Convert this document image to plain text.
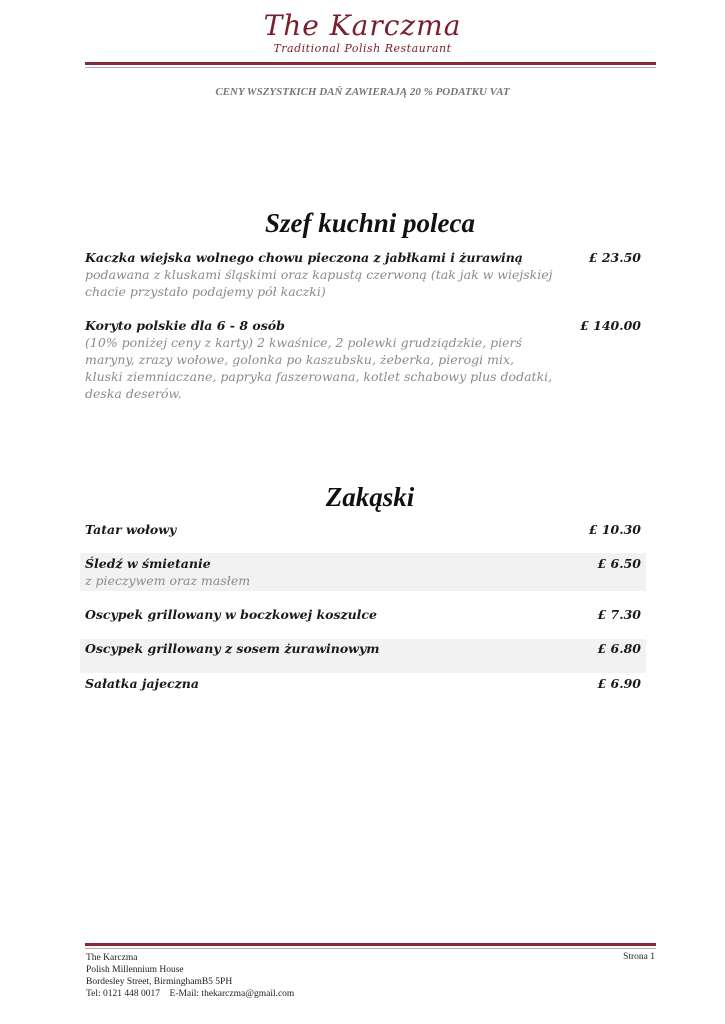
The Karczma
Traditional Polish Restaurant
CENY WSZYSTKICH DAŃ ZAWIERAJĄ 20 % PODATKU VAT
Szef kuchni poleca
Kaczka wiejska wolnego chowu pieczona z jabłkami i żurawiną	£ 23.50
podawana z kluskami śląskimi oraz kapustą czerwoną (tak jak w wiejskiej chacie przystało podajemy pół kaczki)
Koryto polskie dla 6 - 8 osób	£ 140.00
(10% poniżej ceny z karty) 2 kwaśnice, 2 polewki grudziądzkie, pierś maryny, zrazy wołowe, golonka po kaszubsku, żeberka, pierogi mix, kluski ziemniaczane, papryka faszerowana, kotlet schabowy plus dodatki, deska deserów.
Zakąski
Tatar wołowy	£ 10.30
Śledź w śmietanie	£ 6.50
z pieczywem oraz masłem
Oscypek grillowany w boczkowej koszulce	£ 7.30
Oscypek grillowany z sosem żurawinowym	£ 6.80
Sałatka jajeczna	£ 6.90
The Karczma
Polish Millennium House
Bordesley Street, BirminghamB5 5PH
Tel: 0121 448 0017    E-Mail: thekarczma@gmail.com
Strona 1
